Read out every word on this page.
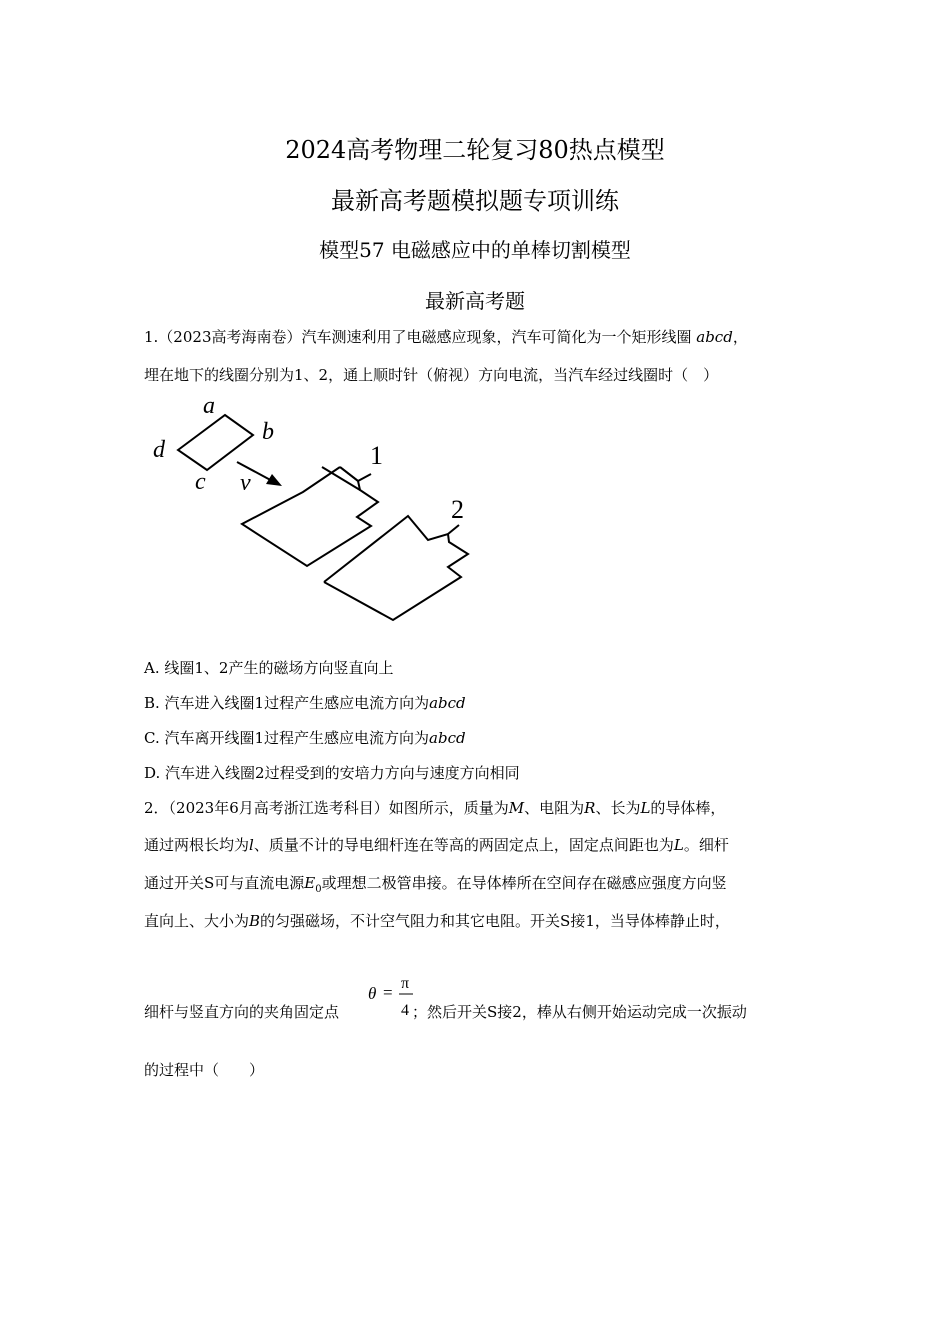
2024高考物理二轮复习80热点模型
最新高考题模拟题专项训练
模型57 电磁感应中的单棒切割模型
最新高考题
1.（2023高考海南卷）汽车测速利用了电磁感应现象，汽车可简化为一个矩形线圈 abcd，
埋在地下的线圈分别为1、2，通上顺时针（俯视）方向电流，当汽车经过线圈时（　）
a
b
d
c v
1
2
A. 线圈1、2产生的磁场方向竖直向上
B. 汽车进入线圈1过程产生感应电流方向为abcd
C. 汽车离开线圈1过程产生感应电流方向为abcd
D. 汽车进入线圈2过程受到的安培力方向与速度方向相同
2．（2023年6月高考浙江选考科目）如图所示，质量为M、电阻为R、长为L的导体棒，
通过两根长均为l、质量不计的导电细杆连在等高的两固定点上，固定点间距也为L。细杆
通过开关S可与直流电源$E_0$或理想二极管串接。在导体棒所在空间存在磁感应强度方向竖
直向上、大小为B的匀强磁场，不计空气阻力和其它电阻。开关S接1，当导体棒静止时，
细杆与竖直方向的夹角固定点
θ = π
4 ；然后开关S接2，棒从右侧开始运动完成一次振动
的过程中（　　）
